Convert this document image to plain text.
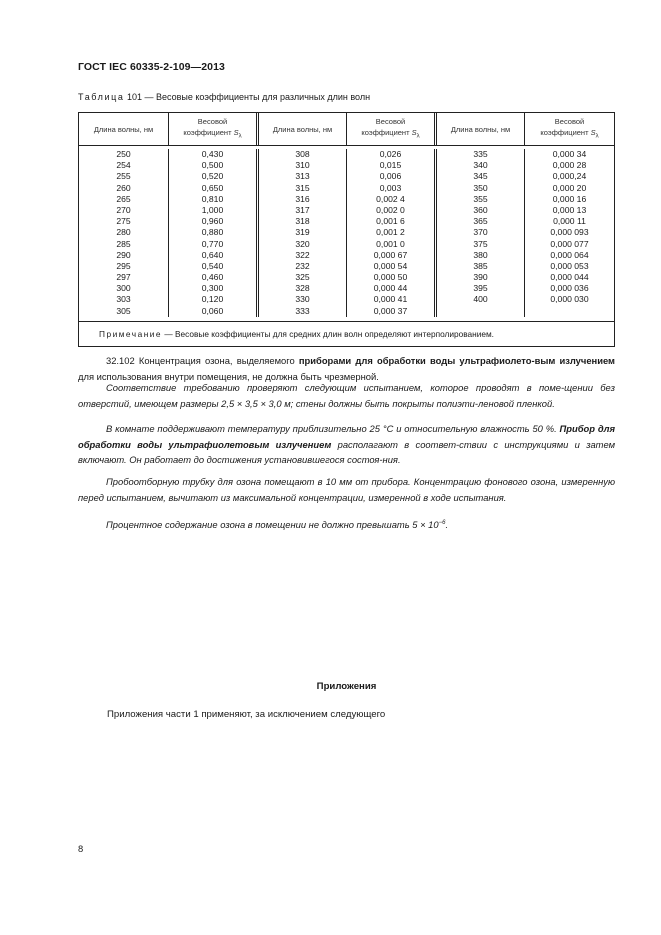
ГОСТ IEC 60335-2-109—2013
Таблица 101 — Весовые коэффициенты для различных длин волн
Длина волны, нм
Весовой
коэффициент $S_\lambda$
Длина волны, нм
Весовой
коэффициент $S_\lambda$
Длина волны, нм
Весовой
коэффициент $S_\lambda$
250
254
255
260
265
270
275
280
285
290
295
297
300
303
305
0,430
0,500
0,520
0,650
0,810
1,000
0,960
0,880
0,770
0,640
0,540
0,460
0,300
0,120
0,060
308
310
313
315
316
317
318
319
320
322
232
325
328
330
333
0,026
0,015
0,006
0,003
0,002 4
0,002 0
0,001 6
0,001 2
0,001 0
0,000 67
0,000 54
0,000 50
0,000 44
0,000 41
0,000 37
335
340
345
350
355
360
365
370
375
380
385
390
395
400
0,000 34
0,000 28
0,000,24
0,000 20
0,000 16
0,000 13
0,000 11
0,000 093
0,000 077
0,000 064
0,000 053
0,000 044
0,000 036
0,000 030
Примечание — Весовые коэффициенты для средних длин волн определяют интерполированием.
32.102 Концентрация озона, выделяемого приборами для обработки воды ультрафиолето-вым излучением для использования внутри помещения, не должна быть чрезмерной.
Соответствие требованию проверяют следующим испытанием, которое проводят в поме-щении без отверстий, имеющем размеры 2,5 × 3,5 × 3,0 м; стены должны быть покрыты полиэти-леновой пленкой.
В комнате поддерживают температуру приблизительно 25 °С и относительную влажность 50 %. Прибор для обработки воды ультрафиолетовым излучением располагают в соответ-ствии с инструкциями и затем включают. Он работает до достижения установившегося состоя-ния.
Пробоотборную трубку для озона помещают в 10 мм от прибора. Концентрацию фонового озона, измеренную перед испытанием, вычитают из максимальной концентрации, измеренной в ходе испытания.
Процентное содержание озона в помещении не должно превышать $5 \times 10^{-6}$.
Приложения
Приложения части 1 применяют, за исключением следующего
8
